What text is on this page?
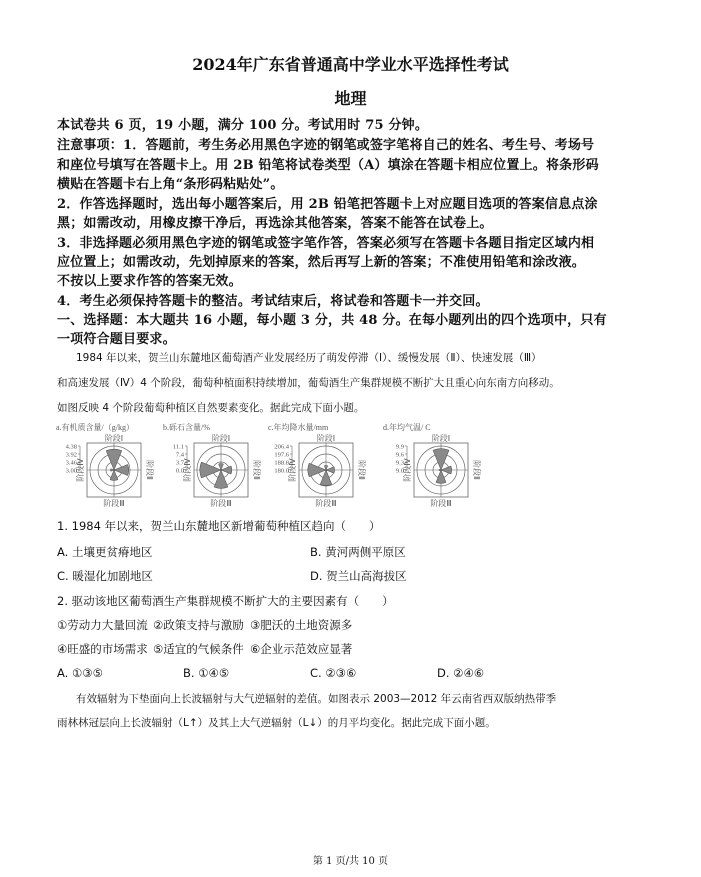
2024年广东省普通高中学业水平选择性考试
地理
本试卷共 6 页，19 小题，满分 100 分。考试用时 75 分钟。
注意事项：1．答题前，考生务必用黑色字迹的钢笔或签字笔将自己的姓名、考生号、考场号
和座位号填写在答题卡上。用 2B 铅笔将试卷类型（A）填涂在答题卡相应位置上。将条形码
横贴在答题卡右上角“条形码粘贴处”。
2．作答选择题时，选出每小题答案后，用 2B 铅笔把答题卡上对应题目选项的答案信息点涂
黑；如需改动，用橡皮擦干净后，再选涂其他答案，答案不能答在试卷上。
3．非选择题必须用黑色字迹的钢笔或签字笔作答，答案必须写在答题卡各题目指定区域内相
应位置上；如需改动，先划掉原来的答案，然后再写上新的答案；不准使用铅笔和涂改液。
不按以上要求作答的答案无效。
4．考生必须保持答题卡的整洁。考试结束后，将试卷和答题卡一并交回。
一、选择题：本大题共 16 小题，每小题 3 分，共 48 分。在每小题列出的四个选项中，只有
一项符合题目要求。
1984 年以来，贺兰山东麓地区葡萄酒产业发展经历了萌发停滞（Ⅰ）、缓慢发展（Ⅱ）、快速发展（Ⅲ）
和高速发展（Ⅳ）4 个阶段，葡萄种植面积持续增加，葡萄酒生产集群规模不断扩大且重心向东南方向移动。
如图反映 4 个阶段葡萄种植区自然要素变化。据此完成下面小题。
a.有机质含量/（g/kg）
4.38
3.92
3.46
3.00
阶段Ⅰ
阶段Ⅲ
阶段Ⅳ	阶段Ⅱ
b.砾石含量/%
11.1
7.4
3.7
0.0
阶段Ⅰ
阶段Ⅲ
阶段Ⅳ	阶段Ⅱ
c.年均降水量/mm
206.4
197.6
188.8
180.0
阶段Ⅰ
阶段Ⅲ
阶段Ⅳ	阶段Ⅱ
d.年均气温/ C
9.9
9.6
9.3
9.0
阶段Ⅰ
阶段Ⅲ
阶段Ⅳ	阶段Ⅱ
1. 1984 年以来，贺兰山东麓地区新增葡萄种植区趋向（　　）
A. 土壤更贫瘠地区	B. 黄河两侧平原区
C. 暖湿化加剧地区	D. 贺兰山高海拔区
2. 驱动该地区葡萄酒生产集群规模不断扩大的主要因素有（　　）
①劳动力大量回流 ②政策支持与激励 ③肥沃的土地资源多
④旺盛的市场需求 ⑤适宜的气候条件 ⑥企业示范效应显著
A. ①③⑤	B. ①④⑤	C. ②③⑥	D. ②④⑥
有效辐射为下垫面向上长波辐射与大气逆辐射的差值。如图表示 2003—2012 年云南省西双版纳热带季
雨林林冠层向上长波辐射（L↑）及其上大气逆辐射（L↓）的月平均变化。据此完成下面小题。
第 1 页/共 10 页
